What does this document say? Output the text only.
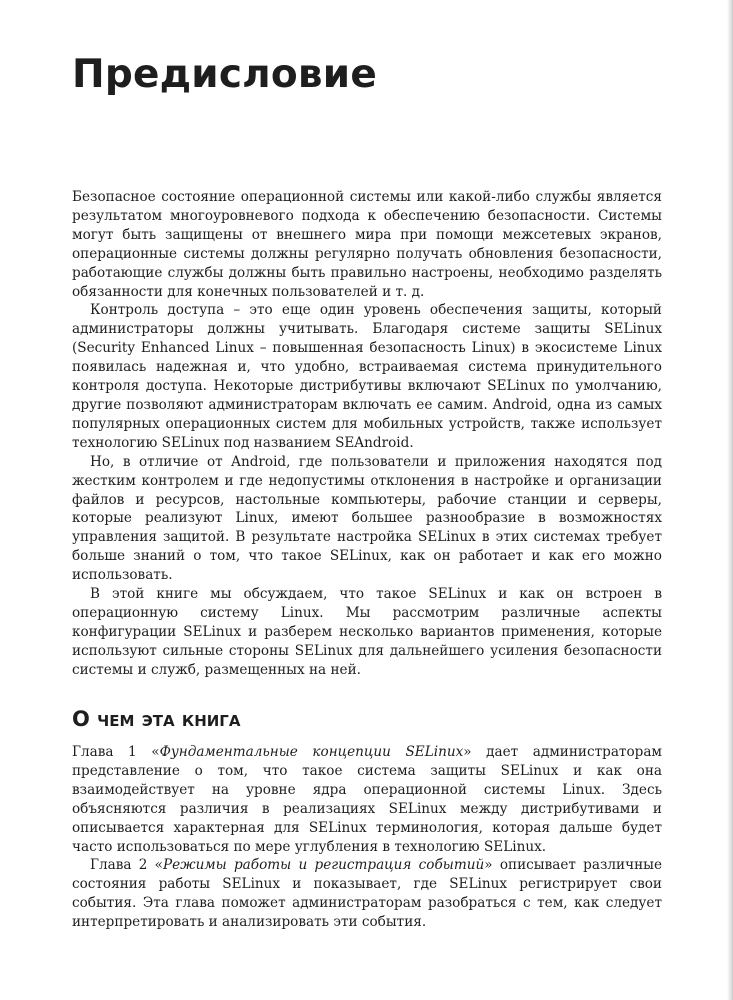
Предисловие

Безопасное состояние операционной системы или какой-либо службы является результатом многоуровневого подхода к обеспечению безопасности. Системы могут быть защищены от внешнего мира при помощи межсетевых экранов, операционные системы должны регулярно получать обновления безопасности, работающие службы должны быть правильно настроены, необходимо разделять обязанности для конечных пользователей и т. д.

Контроль доступа – это еще один уровень обеспечения защиты, который администраторы должны учитывать. Благодаря системе защиты SELinux (Security Enhanced Linux – повышенная безопасность Linux) в экосистеме Linux появилась надежная и, что удобно, встраиваемая система принудительного контроля доступа. Некоторые дистрибутивы включают SELinux по умолчанию, другие позволяют администраторам включать ее самим. Android, одна из самых популярных операционных систем для мобильных устройств, также использует технологию SELinux под названием SEAndroid.

Но, в отличие от Android, где пользователи и приложения находятся под жестким контролем и где недопустимы отклонения в настройке и организации файлов и ресурсов, настольные компьютеры, рабочие станции и серверы, которые реализуют Linux, имеют большее разнообразие в возможностях управления защитой. В результате настройка SELinux в этих системах требует больше знаний о том, что такое SELinux, как он работает и как его можно использовать.

В этой книге мы обсуждаем, что такое SELinux и как он встроен в операционную систему Linux. Мы рассмотрим различные аспекты конфигурации SELinux и разберем несколько вариантов применения, которые используют сильные стороны SELinux для дальнейшего усиления безопасности системы и служб, размещенных на ней.

О чем эта книга

Глава 1 «Фундаментальные концепции SELinux» дает администраторам представление о том, что такое система защиты SELinux и как она взаимодействует на уровне ядра операционной системы Linux. Здесь объясняются различия в реализациях SELinux между дистрибутивами и описывается характерная для SELinux терминология, которая дальше будет часто использоваться по мере углубления в технологию SELinux.

Глава 2 «Режимы работы и регистрация событий» описывает различные состояния работы SELinux и показывает, где SELinux регистрирует свои события. Эта глава поможет администраторам разобраться с тем, как следует интерпретировать и анализировать эти события.
